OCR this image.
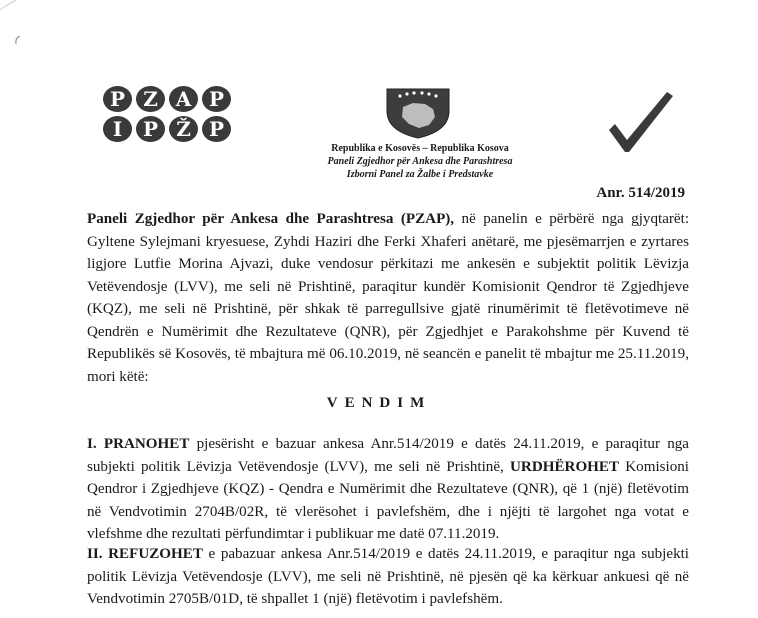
P Z A P
I	P Ž P
Republika e Kosovës – Republika Kosova
Paneli Zgjedhor për Ankesa dhe Parashtresa
Izborni Panel za Žalbe i Predstavke
Anr. 514/2019
Paneli Zgjedhor për Ankesa dhe Parashtresa (PZAP), në panelin e përbërë nga gjyqtarët: Gyltene Sylejmani kryesuese, Zyhdi Haziri dhe Ferki Xhaferi anëtarë, me pjesëmarrjen e zyrtares ligjore Lutfie Morina Ajvazi, duke vendosur përkitazi me ankesën e subjektit politik Lëvizja Vetëvendosje (LVV), me seli në Prishtinë, paraqitur kundër Komisionit Qendror të Zgjedhjeve (KQZ), me seli në Prishtinë, për shkak të parregullsive gjatë rinumërimit të fletëvotimeve në Qendrën e Numërimit dhe Rezultateve (QNR), për Zgjedhjet e Parakohshme për Kuvend të Republikës së Kosovës, të mbajtura më 06.10.2019, në seancën e panelit të mbajtur me 25.11.2019, mori këtë:
VENDIM
I. PRANOHET pjesërisht e bazuar ankesa Anr.514/2019 e datës 24.11.2019, e paraqitur nga subjekti politik Lëvizja Vetëvendosje (LVV), me seli në Prishtinë, URDHËROHET Komisioni Qendror i Zgjedhjeve (KQZ) - Qendra e Numërimit dhe Rezultateve (QNR), që 1 (një) fletëvotim në Vendvotimin 2704B/02R, të vlerësohet i pavlefshëm, dhe i njëjti të largohet nga votat e vlefshme dhe rezultati përfundimtar i publikuar me datë 07.11.2019.
II. REFUZOHET e pabazuar ankesa Anr.514/2019 e datës 24.11.2019, e paraqitur nga subjekti politik Lëvizja Vetëvendosje (LVV), me seli në Prishtinë, në pjesën që ka kërkuar ankuesi që në Vendvotimin 2705B/01D, të shpallet 1 (një) fletëvotim i pavlefshëm.
